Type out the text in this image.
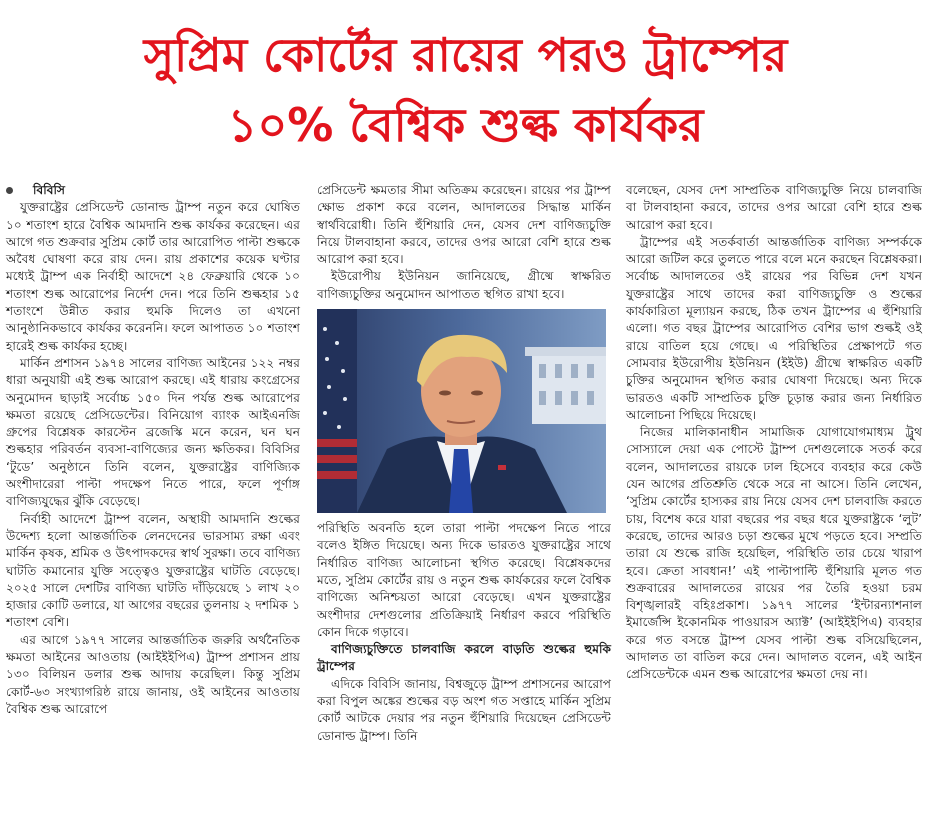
সুপ্রিম কোর্টের রায়ের পরও ট্রাম্পের
১০% বৈশ্বিক শুল্ক কার্যকর

বিবিসি

যুক্তরাষ্ট্রের প্রেসিডেন্ট ডোনাল্ড ট্রাম্প নতুন করে ঘোষিত ১০ শতাংশ হারে বৈশ্বিক আমদানি শুল্ক কার্যকর করেছেন। এর আগে গত শুক্রবার সুপ্রিম কোর্ট তার আরোপিত পাল্টা শুল্ককে অবৈধ ঘোষণা করে রায় দেন। রায় প্রকাশের কয়েক ঘণ্টার মধ্যেই ট্রাম্প এক নির্বাহী আদেশে ২৪ ফেব্রুয়ারি থেকে ১০ শতাংশ শুল্ক আরোপের নির্দেশ দেন। পরে তিনি শুল্কহার ১৫ শতাংশে উন্নীত করার হুমকি দিলেও তা এখনো আনুষ্ঠানিকভাবে কার্যকর করেননি। ফলে আপাতত ১০ শতাংশ হারেই শুল্ক কার্যকর হচ্ছে।

মার্কিন প্রশাসন ১৯৭৪ সালের বাণিজ্য আইনের ১২২ নম্বর ধারা অনুযায়ী এই শুল্ক আরোপ করছে। এই ধারায় কংগ্রেসের অনুমোদন ছাড়াই সর্বোচ্চ ১৫০ দিন পর্যন্ত শুল্ক আরোপের ক্ষমতা রয়েছে প্রেসিডেন্টের। বিনিয়োগ ব্যাংক আইএনজি গ্রুপের বিশ্লেষক কারস্টেন ব্রজেস্কি মনে করেন, ঘন ঘন শুল্কহার পরিবর্তন ব্যবসা-বাণিজ্যের জন্য ক্ষতিকর। বিবিসির ‘টুডে’ অনুষ্ঠানে তিনি বলেন, যুক্তরাষ্ট্রের বাণিজ্যিক অংশীদারেরা পাল্টা পদক্ষেপ নিতে পারে, ফলে পূর্ণাঙ্গ বাণিজ্যযুদ্ধের ঝুঁকি বেড়েছে।

নির্বাহী আদেশে ট্রাম্প বলেন, অস্থায়ী আমদানি শুল্কের উদ্দেশ্য হলো আন্তর্জাতিক লেনদেনের ভারসাম্য রক্ষা এবং মার্কিন কৃষক, শ্রমিক ও উৎপাদকদের স্বার্থ সুরক্ষা। তবে বাণিজ্য ঘাটতি কমানোর যুক্তি সত্ত্বেও যুক্তরাষ্ট্রের ঘাটতি বেড়েছে। ২০২৫ সালে দেশটির বাণিজ্য ঘাটতি দাঁড়িয়েছে ১ লাখ ২০ হাজার কোটি ডলারে, যা আগের বছরের তুলনায় ২ দশমিক ১ শতাংশ বেশি।

এর আগে ১৯৭৭ সালের আন্তর্জাতিক জরুরি অর্থনৈতিক ক্ষমতা আইনের আওতায় (আইইইপিএ) ট্রাম্প প্রশাসন প্রায় ১৩০ বিলিয়ন ডলার শুল্ক আদায় করেছিল। কিন্তু সুপ্রিম কোর্ট-৬৩ সংখ্যাগরিষ্ঠ রায়ে জানায়, ওই আইনের আওতায় বৈশ্বিক শুল্ক আরোপে

প্রেসিডেন্ট ক্ষমতার সীমা অতিক্রম করেছেন। রায়ের পর ট্রাম্প ক্ষোভ প্রকাশ করে বলেন, আদালতের সিদ্ধান্ত মার্কিন স্বার্থবিরোধী। তিনি হুঁশিয়ারি দেন, যেসব দেশ বাণিজ্যচুক্তি নিয়ে টালবাহানা করবে, তাদের ওপর আরো বেশি হারে শুল্ক আরোপ করা হবে।

ইউরোপীয় ইউনিয়ন জানিয়েছে, গ্রীষ্মে স্বাক্ষরিত বাণিজ্যচুক্তির অনুমোদন আপাতত স্থগিত রাখা হবে।

পরিস্থিতি অবনতি হলে তারা পাল্টা পদক্ষেপ নিতে পারে বলেও ইঙ্গিত দিয়েছে। অন্য দিকে ভারতও যুক্তরাষ্ট্রের সাথে নির্ধারিত বাণিজ্য আলোচনা স্থগিত করেছে। বিশ্লেষকদের মতে, সুপ্রিম কোর্টের রায় ও নতুন শুল্ক কার্যকরের ফলে বৈশ্বিক বাণিজ্যে অনিশ্চয়তা আরো বেড়েছে। এখন যুক্তরাষ্ট্রের অংশীদার দেশগুলোর প্রতিক্রিয়াই নির্ধারণ করবে পরিস্থিতি কোন দিকে গড়াবে।

বাণিজ্যচুক্তিতে চালবাজি করলে বাড়তি শুল্কের হুমকি ট্রাম্পের

এদিকে বিবিসি জানায়, বিশ্বজুড়ে ট্রাম্প প্রশাসনের আরোপ করা বিপুল অঙ্কের শুল্কের বড় অংশ গত সপ্তাহে মার্কিন সুপ্রিম কোর্ট আটকে দেয়ার পর নতুন হুঁশিয়ারি দিয়েছেন প্রেসিডেন্ট ডোনাল্ড ট্রাম্প। তিনি

বলেছেন, যেসব দেশ সাম্প্রতিক বাণিজ্যচুক্তি নিয়ে চালবাজি বা টালবাহানা করবে, তাদের ওপর আরো বেশি হারে শুল্ক আরোপ করা হবে।

ট্রাম্পের এই সতর্কবার্তা আন্তর্জাতিক বাণিজ্য সম্পর্ককে আরো জটিল করে তুলতে পারে বলে মনে করছেন বিশ্লেষকরা। সর্বোচ্চ আদালতের ওই রায়ের পর বিভিন্ন দেশ যখন যুক্তরাষ্ট্রের সাথে তাদের করা বাণিজ্যচুক্তি ও শুল্কের কার্যকারিতা মূল্যায়ন করছে, ঠিক তখন ট্রাম্পের এ হুঁশিয়ারি এলো। গত বছর ট্রাম্পের আরোপিত বেশির ভাগ শুল্কই ওই রায়ে বাতিল হয়ে গেছে। এ পরিস্থিতির প্রেক্ষাপটে গত সোমবার ইউরোপীয় ইউনিয়ন (ইইউ) গ্রীষ্মে স্বাক্ষরিত একটি চুক্তির অনুমোদন স্থগিত করার ঘোষণা দিয়েছে। অন্য দিকে ভারতও একটি সাম্প্রতিক চুক্তি চূড়ান্ত করার জন্য নির্ধারিত আলোচনা পিছিয়ে দিয়েছে।

নিজের মালিকানাধীন সামাজিক যোগাযোগমাধ্যম ট্রুথ সোস্যালে দেয়া এক পোস্টে ট্রাম্প দেশগুলোকে সতর্ক করে বলেন, আদালতের রায়কে ঢাল হিসেবে ব্যবহার করে কেউ যেন আগের প্রতিশ্রুতি থেকে সরে না আসে। তিনি লেখেন, ‘সুপ্রিম কোর্টের হাস্যকর রায় নিয়ে যেসব দেশ চালবাজি করতে চায়, বিশেষ করে যারা বছরের পর বছর ধরে যুক্তরাষ্ট্রকে ‘লুট’ করেছে, তাদের আরও চড়া শুল্কের মুখে পড়তে হবে। সম্প্রতি তারা যে শুল্কে রাজি হয়েছিল, পরিস্থিতি তার চেয়ে খারাপ হবে। ক্রেতা সাবধান!’ এই পাল্টাপাল্টি হুঁশিয়ারি মূলত গত শুক্রবারের আদালতের রায়ের পর তৈরি হওয়া চরম বিশৃঙ্খলারই বহিঃপ্রকাশ। ১৯৭৭ সালের ‘ইন্টারন্যাশনাল ইমার্জেন্সি ইকোনমিক পাওয়ারস অ্যাক্ট’ (আইইইপিএ) ব্যবহার করে গত বসন্তে ট্রাম্প যেসব পাল্টা শুল্ক বসিয়েছিলেন, আদালত তা বাতিল করে দেন। আদালত বলেন, এই আইন প্রেসিডেন্টকে এমন শুল্ক আরোপের ক্ষমতা দেয় না।
